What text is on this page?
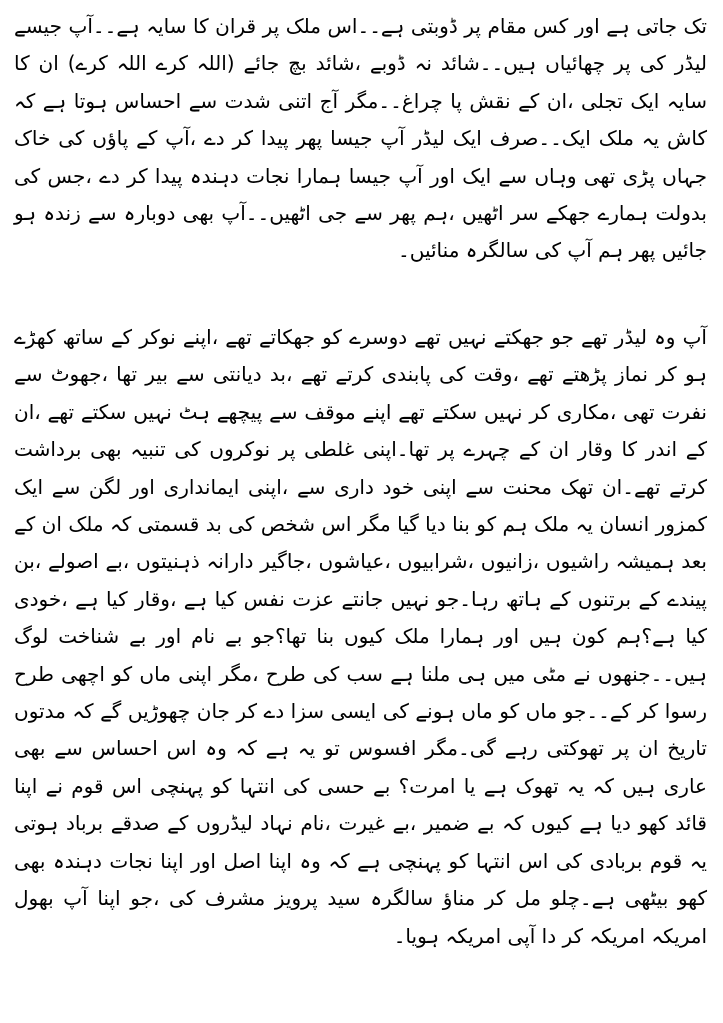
تک جاتی ہے اور کس مقام پر ڈوبتی ہے۔۔اس ملک پر قران کا سایہ ہے۔۔آپ جیسے لیڈر کی پر چھائیاں ہیں۔۔شائد نہ ڈوبے ،شائد بچ جائے (اللہ کرے اللہ کرے) ان کا سایہ ایک تجلی ،ان کے نقش پا چراغ۔۔مگر آج اتنی شدت سے احساس ہوتا ہے کہ کاش یہ ملک ایک۔۔صرف ایک لیڈر آپ جیسا پھر پیدا کر دے ،آپ کے پاؤں کی خاک جہاں پڑی تھی وہاں سے ایک اور آپ جیسا ہمارا نجات دہندہ پیدا کر دے ،جس کی بدولت ہمارے جھکے سر اٹھیں ،ہم پھر سے جی اٹھیں۔۔آپ بھی دوبارہ سے زندہ ہو جائیں پھر ہم آپ کی سالگرہ منائیں۔

آپ وہ لیڈر تھے جو جھکتے نہیں تھے دوسرے کو جھکاتے تھے ،اپنے نوکر کے ساتھ کھڑے ہو کر نماز پڑھتے تھے ،وقت کی پابندی کرتے تھے ،بد دیانتی سے بیر تھا ،جھوٹ سے نفرت تھی ،مکاری کر نہیں سکتے تھے اپنے موقف سے پیچھے ہٹ نہیں سکتے تھے ،ان کے اندر کا وقار ان کے چہرے پر تھا۔اپنی غلطی پر نوکروں کی تنبیہ بھی برداشت کرتے تھے۔ان تھک محنت سے اپنی خود داری سے ،اپنی ایمانداری اور لگن سے ایک کمزور انسان یہ ملک ہم کو بنا دیا گیا مگر اس شخص کی بد قسمتی کہ ملک ان کے بعد ہمیشہ راشیوں ،زانیوں ،شرابیوں ،عیاشوں ،جاگیر دارانہ ذہنیتوں ،بے اصولے ،بن پیندے کے برتنوں کے ہاتھ رہا۔جو نہیں جانتے عزت نفس کیا ہے ،وقار کیا ہے ،خودی کیا ہے؟ہم کون ہیں اور ہمارا ملک کیوں بنا تھا؟جو بے نام اور بے شناخت لوگ ہیں۔۔جنھوں نے مٹی میں ہی ملنا ہے سب کی طرح ،مگر اپنی ماں کو اچھی طرح رسوا کر کے۔۔جو ماں کو ماں ہونے کی ایسی سزا دے کر جان چھوڑیں گے کہ مدتوں تاریخ ان پر تھوکتی رہے گی۔مگر افسوس تو یہ ہے کہ وہ اس احساس سے بھی عاری ہیں کہ یہ تھوک ہے یا امرت؟ بے حسی کی انتہا کو پہنچی اس قوم نے اپنا قائد کھو دیا ہے کیوں کہ بے ضمیر ،بے غیرت ،نام نہاد لیڈروں کے صدقے برباد ہوتی یہ قوم بربادی کی اس انتہا کو پہنچی ہے کہ وہ اپنا اصل اور اپنا نجات دہندہ بھی کھو بیٹھی ہے۔چلو مل کر مناؤ سالگرہ سید پرویز مشرف کی ،جو اپنا آپ بھول امریکہ امریکہ کر دا آپی امریکہ ہویا۔
